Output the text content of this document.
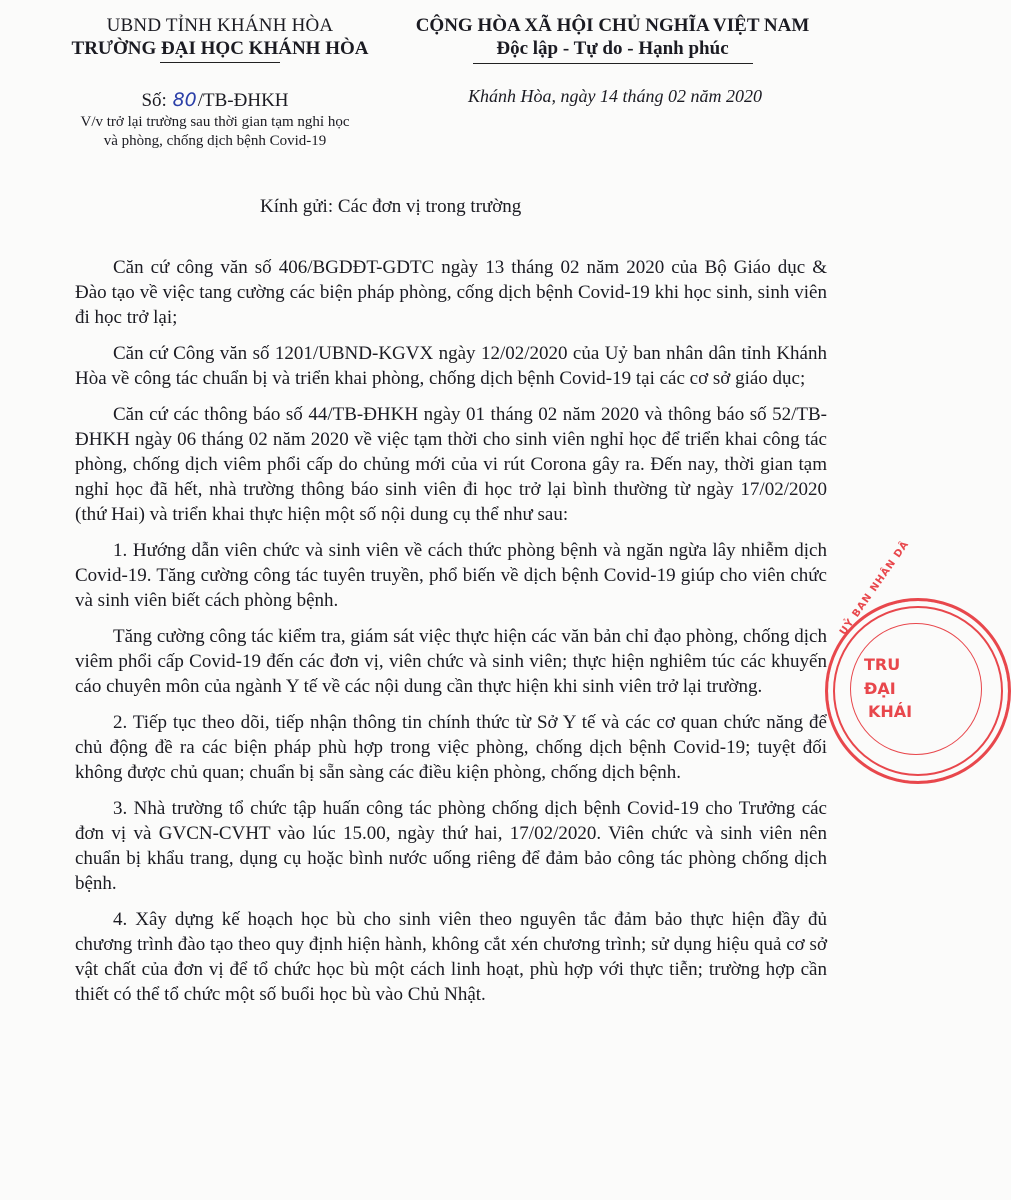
UBND TỈNH KHÁNH HÒA
TRƯỜNG ĐẠI HỌC KHÁNH HÒA
CỘNG HÒA XÃ HỘI CHỦ NGHĨA VIỆT NAM
Độc lập - Tự do - Hạnh phúc
Số: 80/TB-ĐHKH
V/v trở lại trường sau thời gian tạm nghỉ học
và phòng, chống dịch bệnh Covid-19
Khánh Hòa, ngày 14 tháng 02 năm 2020
Kính gửi: Các đơn vị trong trường

Căn cứ công văn số 406/BGDĐT-GDTC ngày 13 tháng 02 năm 2020 của Bộ Giáo dục & Đào tạo về việc tang cường các biện pháp phòng, cống dịch bệnh Covid-19 khi học sinh, sinh viên đi học trở lại;

Căn cứ Công văn số 1201/UBND-KGVX ngày 12/02/2020 của Uỷ ban nhân dân tỉnh Khánh Hòa về công tác chuẩn bị và triển khai phòng, chống dịch bệnh Covid-19 tại các cơ sở giáo dục;

Căn cứ các thông báo số 44/TB-ĐHKH ngày 01 tháng 02 năm 2020 và thông báo số 52/TB-ĐHKH ngày 06 tháng 02 năm 2020 về việc tạm thời cho sinh viên nghỉ học để triển khai công tác phòng, chống dịch viêm phổi cấp do chủng mới của vi rút Corona gây ra. Đến nay, thời gian tạm nghỉ học đã hết, nhà trường thông báo sinh viên đi học trở lại bình thường từ ngày 17/02/2020 (thứ Hai) và triển khai thực hiện một số nội dung cụ thể như sau:

1. Hướng dẫn viên chức và sinh viên về cách thức phòng bệnh và ngăn ngừa lây nhiễm dịch Covid-19. Tăng cường công tác tuyên truyền, phổ biến về dịch bệnh Covid-19 giúp cho viên chức và sinh viên biết cách phòng bệnh.

Tăng cường công tác kiểm tra, giám sát việc thực hiện các văn bản chỉ đạo phòng, chống dịch viêm phổi cấp Covid-19 đến các đơn vị, viên chức và sinh viên; thực hiện nghiêm túc các khuyến cáo chuyên môn của ngành Y tế về các nội dung cần thực hiện khi sinh viên trở lại trường.

2. Tiếp tục theo dõi, tiếp nhận thông tin chính thức từ Sở Y tế và các cơ quan chức năng để chủ động đề ra các biện pháp phù hợp trong việc phòng, chống dịch bệnh Covid-19; tuyệt đối không được chủ quan; chuẩn bị sẵn sàng các điều kiện phòng, chống dịch bệnh.

3. Nhà trường tổ chức tập huấn công tác phòng chống dịch bệnh Covid-19 cho Trưởng các đơn vị và GVCN-CVHT vào lúc 15.00, ngày thứ hai, 17/02/2020. Viên chức và sinh viên nên chuẩn bị khẩu trang, dụng cụ hoặc bình nước uống riêng để đảm bảo công tác phòng chống dịch bệnh.

4. Xây dựng kế hoạch học bù cho sinh viên theo nguyên tắc đảm bảo thực hiện đầy đủ chương trình đào tạo theo quy định hiện hành, không cắt xén chương trình; sử dụng hiệu quả cơ sở vật chất của đơn vị để tổ chức học bù một cách linh hoạt, phù hợp với thực tiễn; trường hợp cần thiết có thể tổ chức một số buổi học bù vào Chủ Nhật.

UỶ BAN NHÂN DÂ
TRU
ĐẠI
KHÁI
